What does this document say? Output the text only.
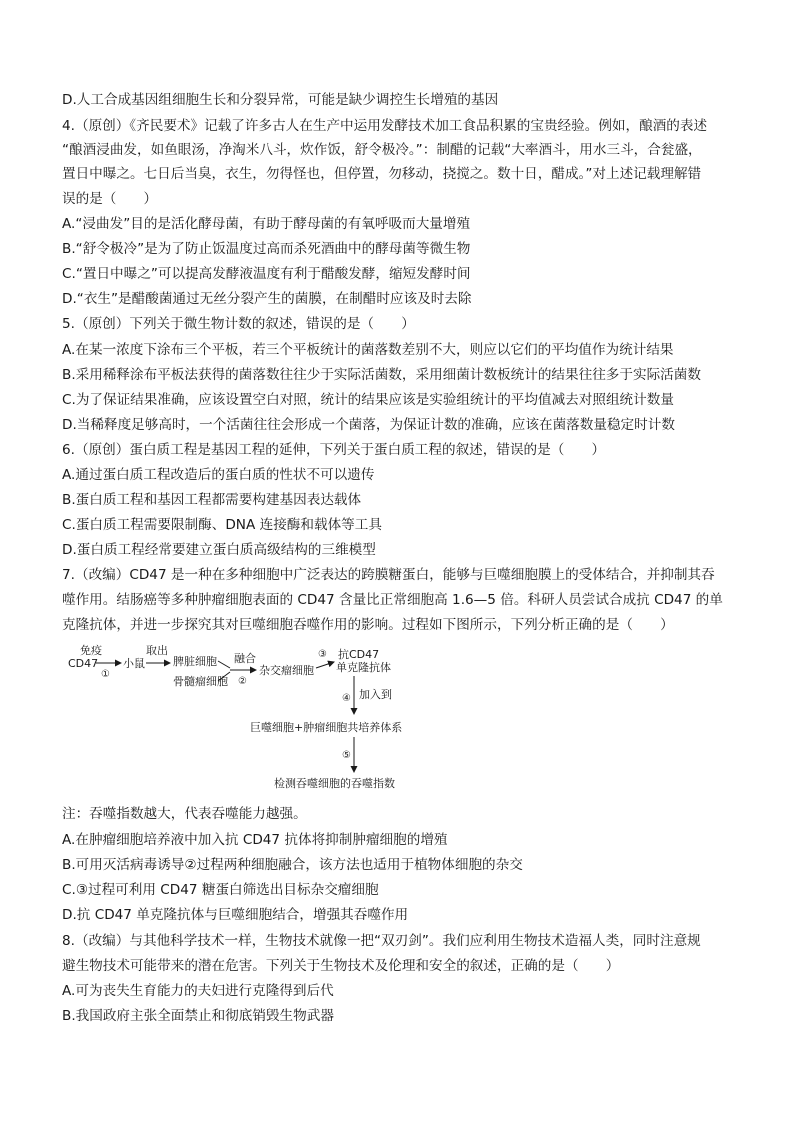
D.人工合成基因组细胞生长和分裂异常，可能是缺少调控生长增殖的基因
4.（原创）《齐民要术》记载了许多古人在生产中运用发酵技术加工食品积累的宝贵经验。例如，酿酒的表述
“酿酒浸曲发，如鱼眼汤，净淘米八斗，炊作饭，舒令极冷。”：制醋的记载“大率酒斗，用水三斗，合瓮盛，
置日中曝之。七日后当臭，衣生，勿得怪也，但停置，勿移动，挠搅之。数十日，醋成。”对上述记载理解错
误的是（　　）
A.“浸曲发”目的是活化酵母菌，有助于酵母菌的有氧呼吸而大量增殖
B.“舒令极冷”是为了防止饭温度过高而杀死酒曲中的酵母菌等微生物
C.“置日中曝之”可以提高发酵液温度有利于醋酸发酵，缩短发酵时间
D.“衣生”是醋酸菌通过无丝分裂产生的菌膜，在制醋时应该及时去除
5.（原创）下列关于微生物计数的叙述，错误的是（　　）
A.在某一浓度下涂布三个平板，若三个平板统计的菌落数差别不大，则应以它们的平均值作为统计结果
B.采用稀释涂布平板法获得的菌落数往往少于实际活菌数，采用细菌计数板统计的结果往往多于实际活菌数
C.为了保证结果准确，应该设置空白对照，统计的结果应该是实验组统计的平均值减去对照组统计数量
D.当稀释度足够高时，一个活菌往往会形成一个菌落，为保证计数的准确，应该在菌落数量稳定时计数
6.（原创）蛋白质工程是基因工程的延伸，下列关于蛋白质工程的叙述，错误的是（　　）
A.通过蛋白质工程改造后的蛋白质的性状不可以遗传
B.蛋白质工程和基因工程都需要构建基因表达载体
C.蛋白质工程需要限制酶、DNA 连接酶和载体等工具
D.蛋白质工程经常要建立蛋白质高级结构的三维模型
7.（改编）CD47 是一种在多种细胞中广泛表达的跨膜糖蛋白，能够与巨噬细胞膜上的受体结合，并抑制其吞
噬作用。结肠癌等多种肿瘤细胞表面的 CD47 含量比正常细胞高 1.6—5 倍。科研人员尝试合成抗 CD47 的单
克隆抗体，并进一步探究其对巨噬细胞吞噬作用的影响。过程如下图所示，下列分析正确的是（　　）
注：吞噬指数越大，代表吞噬能力越强。
A.在肿瘤细胞培养液中加入抗 CD47 抗体将抑制肿瘤细胞的增殖
B.可用灭活病毒诱导②过程两种细胞融合，该方法也适用于植物体细胞的杂交
C.③过程可利用 CD47 糖蛋白筛选出目标杂交瘤细胞
D.抗 CD47 单克隆抗体与巨噬细胞结合，增强其吞噬作用
8.（改编）与其他科学技术一样，生物技术就像一把“双刃剑”。我们应利用生物技术造福人类，同时注意规
避生物技术可能带来的潜在危害。下列关于生物技术及伦理和安全的叙述，正确的是（　　）
A.可为丧失生育能力的夫妇进行克隆得到后代
B.我国政府主张全面禁止和彻底销毁生物武器
CD47
免疫
①
小鼠
取出
脾脏细胞
骨髓瘤细胞
融合
②
杂交瘤细胞
③ 抗CD47
单克隆抗体
④ 加入到
巨噬细胞+肿瘤细胞共培养体系
⑤
检测吞噬细胞的吞噬指数
